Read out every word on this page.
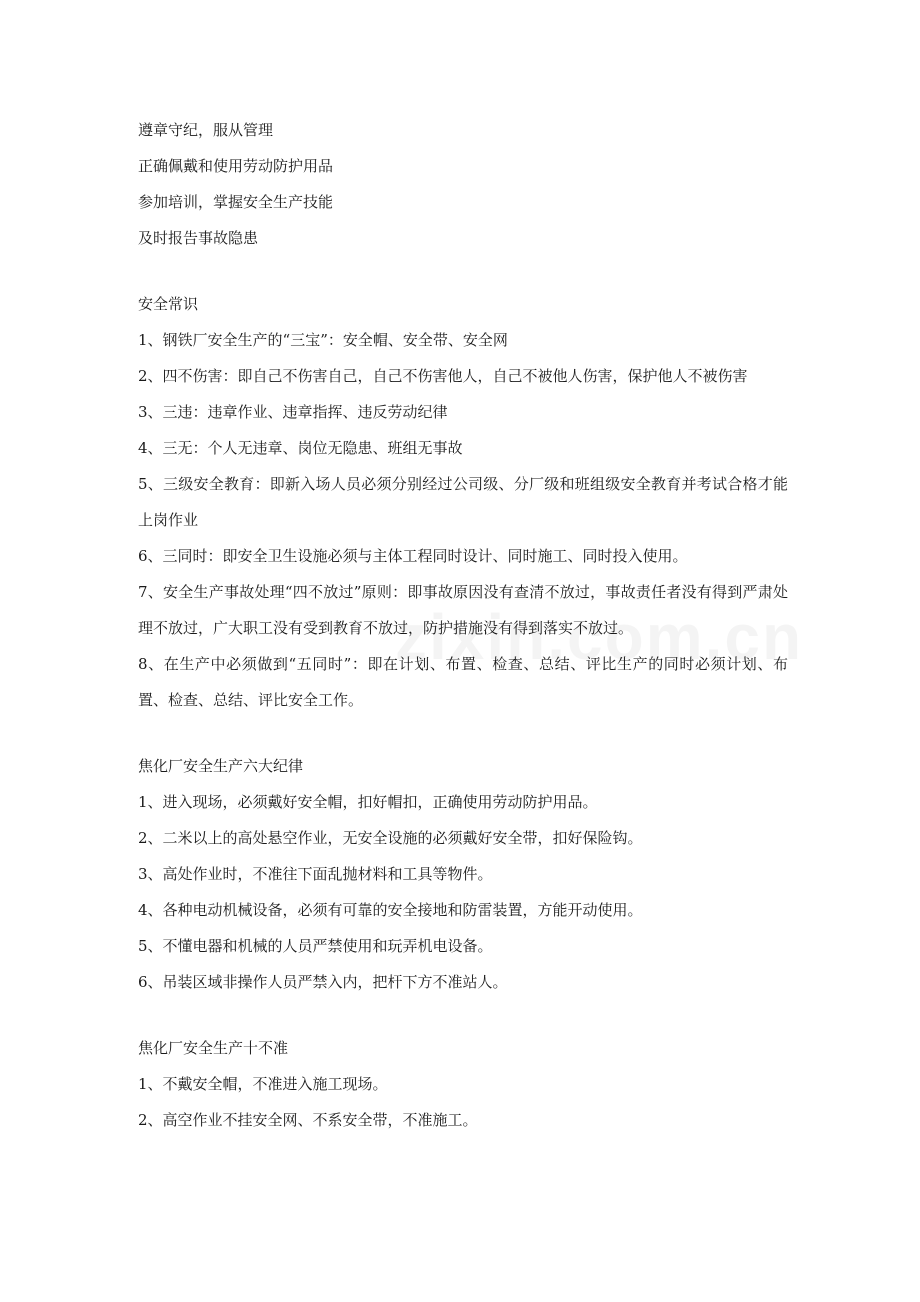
遵章守纪，服从管理
正确佩戴和使用劳动防护用品
参加培训，掌握安全生产技能
及时报告事故隐患
安全常识
1、钢铁厂安全生产的“三宝”：安全帽、安全带、安全网
2、四不伤害：即自己不伤害自己，自己不伤害他人，自己不被他人伤害，保护他人不被伤害
3、三违：违章作业、违章指挥、违反劳动纪律
4、三无：个人无违章、岗位无隐患、班组无事故
5、三级安全教育：即新入场人员必须分别经过公司级、分厂级和班组级安全教育并考试合格才能上岗作业
6、三同时：即安全卫生设施必须与主体工程同时设计、同时施工、同时投入使用。
7、安全生产事故处理“四不放过”原则：即事故原因没有查清不放过，事故责任者没有得到严肃处理不放过，广大职工没有受到教育不放过，防护措施没有得到落实不放过。
8、在生产中必须做到“五同时”：即在计划、布置、检查、总结、评比生产的同时必须计划、布置、检查、总结、评比安全工作。
焦化厂安全生产六大纪律
1、进入现场，必须戴好安全帽，扣好帽扣，正确使用劳动防护用品。
2、二米以上的高处悬空作业，无安全设施的必须戴好安全带，扣好保险钩。
3、高处作业时，不准往下面乱抛材料和工具等物件。
4、各种电动机械设备，必须有可靠的安全接地和防雷装置，方能开动使用。
5、不懂电器和机械的人员严禁使用和玩弄机电设备。
6、吊装区域非操作人员严禁入内，把杆下方不准站人。
焦化厂安全生产十不准
1、不戴安全帽，不准进入施工现场。
2、高空作业不挂安全网、不系安全带，不准施工。
